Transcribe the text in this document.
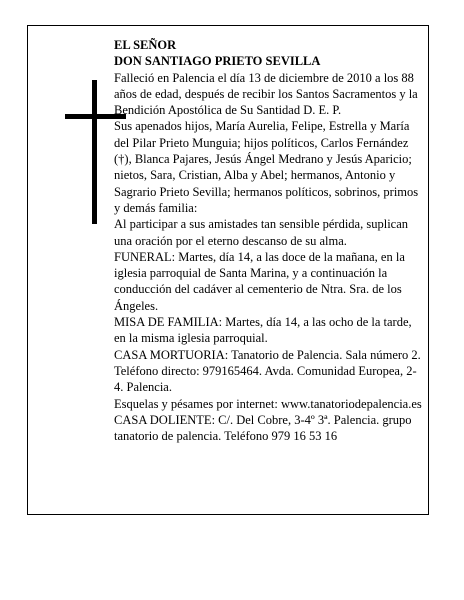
EL SEÑOR

DON SANTIAGO PRIETO SEVILLA

Falleció en Palencia el día 13 de diciembre de 2010 a los 88 años de edad, después de recibir los Santos Sacramentos y la Bendición Apostólica de Su Santidad D. E. P.

Sus apenados hijos, María Aurelia, Felipe, Estrella y María del Pilar Prieto Munguia; hijos políticos, Carlos Fernández (†), Blanca Pajares, Jesús Ángel Medrano y Jesús Aparicio; nietos, Sara, Cristian, Alba y Abel; hermanos, Antonio y Sagrario Prieto Sevilla; hermanos políticos, sobrinos, primos y demás familia:

Al participar a sus amistades tan sensible pérdida, suplican una oración por el eterno descanso de su alma.

FUNERAL: Martes, día 14, a las doce de la mañana, en la iglesia parroquial de Santa Marina, y a continuación la conducción del cadáver al cementerio de Ntra. Sra. de los Ángeles.

MISA DE FAMILIA: Martes, día 14, a las ocho de la tarde, en la misma iglesia parroquial.

CASA MORTUORIA: Tanatorio de Palencia. Sala número 2. Teléfono directo: 979165464. Avda. Comunidad Europea, 2-4. Palencia.

Esquelas y pésames por internet: www.tanatoriodepalencia.es

CASA DOLIENTE: C/. Del Cobre, 3-4º 3ª. Palencia. grupo tanatorio de palencia. Teléfono 979 16 53 16
